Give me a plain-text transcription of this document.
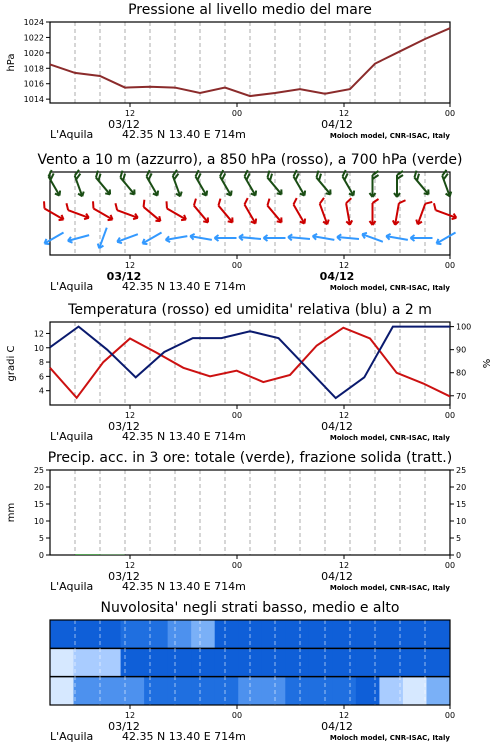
Pressione al livello medio del mare
12	00	12	00
03/12	04/12
L'Aquila	42.35 N 13.40 E 714m	Moloch model, CNR-ISAC, Italy
1014
1016
1018
1020
1022
1024
hPa
Vento a 10 m (azzurro), a 850 hPa (rosso), a 700 hPa (verde)
12	00	12	00
03/12	04/12
L'Aquila	42.35 N 13.40 E 714m	Moloch model, CNR-ISAC, Italy
Temperatura (rosso) ed umidita' relativa (blu) a 2 m
12	00	12	00
03/12	04/12
L'Aquila	42.35 N 13.40 E 714m	Moloch model, CNR-ISAC, Italy
4
6
8
10
12
70
80
90
100
gradi C	%
Precip. acc. in 3 ore: totale (verde), frazione solida (tratt.)
12	00	12	00
03/12	04/12
L'Aquila	42.35 N 13.40 E 714m	Moloch model, CNR-ISAC, Italy
0	0
5	5
10	10
15	15
20	20
25	25
mm
Nuvolosita' negli strati basso, medio e alto
12	00	12	00
03/12	04/12
L'Aquila	42.35 N 13.40 E 714m	Moloch model, CNR-ISAC, Italy
